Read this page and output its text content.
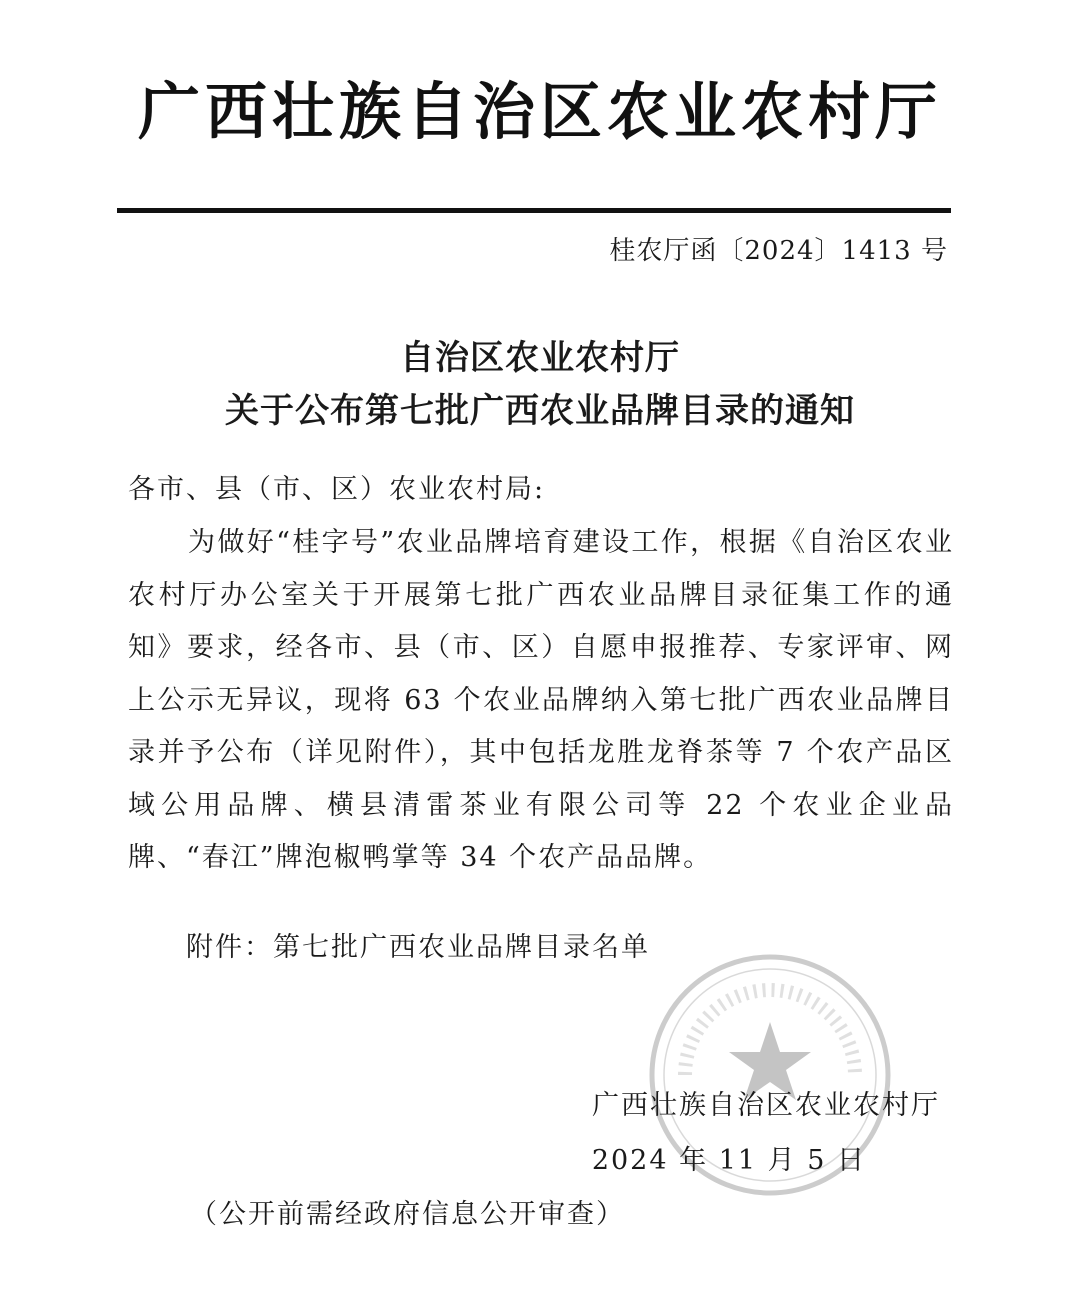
广西壮族自治区农业农村厅
桂农厅函〔2024〕1413 号
自治区农业农村厅
关于公布第七批广西农业品牌目录的通知
各市、县（市、区）农业农村局:

为做好“桂字号”农业品牌培育建设工作，根据《自治区农业农村厅办公室关于开展第七批广西农业品牌目录征集工作的通知》要求，经各市、县（市、区）自愿申报推荐、专家评审、网上公示无异议，现将 63 个农业品牌纳入第七批广西农业品牌目录并予公布（详见附件），其中包括龙胜龙脊茶等 7 个农产品区域公用品牌、横县清雷茶业有限公司等 22 个农业企业品牌、“春江”牌泡椒鸭掌等 34 个农产品品牌。

附件：第七批广西农业品牌目录名单
广西壮族自治区农业农村厅
2024 年 11 月 5 日
（公开前需经政府信息公开审查）
